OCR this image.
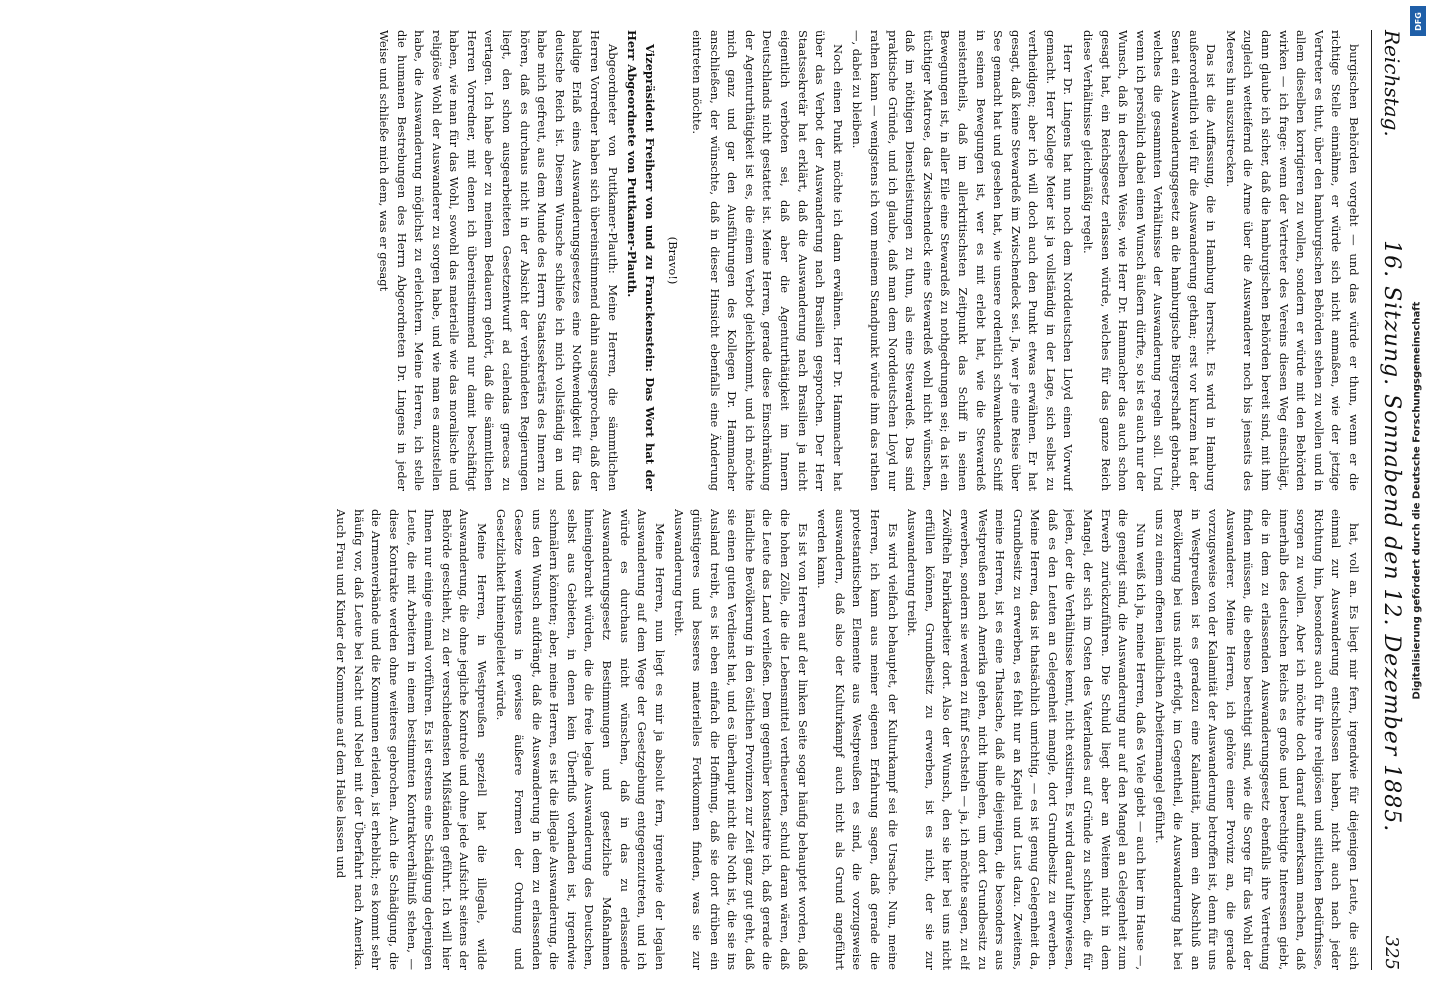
Reichstag.
16. Sitzung. Sonnabend den 12. Dezember 1885.
325

burgischen Behörden vorgeht — und das würde er thun, wenn er die richtige Stelle einnähme, er würde sich nicht anmaßen, wie der jetzige Vertreter es thut, über den hamburgischen Behörden stehen zu wollen und in allem dieselben korrigieren zu wollen, sondern er würde mit den Behörden wirken — ich frage: wenn der Vertreter des Vereins diesen Weg einschlägt, dann glaube ich sicher, daß die hamburgischen Behörden bereit sind, mit ihm zugleich wetteifernd die Arme über die Auswanderer noch bis jenseits des Meeres hin auszustrecken.

Das ist die Auffassung, die in Hamburg herrscht. Es wird in Hamburg außerordentlich viel für die Auswanderung gethan; erst vor kurzem hat der Senat ein Auswanderungsgesetz an die hamburgische Bürgerschaft gebracht, welches die gesammten Verhältnisse der Auswanderung regeln soll. Und wenn ich persönlich dabei einen Wunsch äußern dürfte, so ist es auch nur der Wunsch, daß in derselben Weise, wie Herr Dr. Hammacher das auch schon gesagt hat, ein Reichsgesetz erlassen würde, welches für das ganze Reich diese Verhältnisse gleichmäßig regelt.

Herr Dr. Lingens hat nun noch dem Norddeutschen Lloyd einen Vorwurf gemacht. Herr Kollege Meier ist ja vollständig in der Lage, sich selbst zu vertheidigen; aber ich will doch auch den Punkt etwas erwähnen. Er hat gesagt, daß keine Stewardeß im Zwischendeck sei. Ja, wer je eine Reise über See gemacht hat und gesehen hat, wie unsere ordentlich schwankende Schiff in seinen Bewegungen ist, wer es mit erlebt hat, wie die Stewardeß meistentheils, daß im allerkritischsten Zeitpunkt das Schiff in seinen Bewegungen ist, in aller Eile eine Stewardeß zu nothgedrungen sei; da ist ein tüchtiger Matrose, das Zwischendeck eine Stewardeß wohl nicht wünschen, daß im nöthigen Dienstleistungen zu thun, als eine Stewardeß. Das sind praktische Gründe, und ich glaube, daß man dem Norddeutschen Lloyd nur rathen kann — wenigstens ich vom meinem Standpunkt würde ihm das rathen —, dabei zu bleiben.

Noch einen Punkt möchte ich dann erwähnen. Herr Dr. Hammacher hat über das Verbot der Auswanderung nach Brasilien gesprochen. Der Herr Staatssekretär hat erklärt, daß die Auswanderung nach Brasilien ja nicht eigentlich verboten sei, daß aber die Agenturthätigkeit im Innern Deutschlands nicht gestattet ist. Meine Herren, gerade diese Einschränkung der Agenturthätigkeit ist es, die einem Verbot gleichkommt, und ich möchte mich ganz und gar den Ausführungen des Kollegen Dr. Hammacher anschließen, der wünschte, daß in dieser Hinsicht ebenfalls eine Änderung eintreten möchte.

(Bravo!)

Vizepräsident Freiherr von und zu Franckenstein: Das Wort hat der Herr Abgeordnete von Puttkamer-Plauth.

Abgeordneter von Puttkamer-Plauth: Meine Herren, die sämmtlichen Herren Vorredner haben sich übereinstimmend dahin ausgesprochen, daß der baldige Erlaß eines Auswanderungsgesetzes eine Nothwendigkeit für das deutsche Reich ist. Diesem Wunsche schließe ich mich vollständig an und habe mich gefreut, aus dem Munde des Herrn Staatssekretärs des Innern zu hören, daß es durchaus nicht in der Absicht der verbündeten Regierungen liegt, den schon ausgearbeiteten Gesetzentwurf ad calendas graecas zu vertagen. Ich habe aber zu meinem Bedauern gehört, daß die sämmtlichen Herren Vorredner, mit denen ich übereinstimmend nur damit beschäftigt haben, wie man für das Wohl, sowohl das materielle wie das moralische und religiöse Wohl der Auswanderer zu sorgen habe, und wie man es anzustellen habe, die Auswanderung möglichst zu erleichtern. Meine Herren, ich stelle die humanen Bestrebungen des Herrn Abgeordneten Dr. Lingens in jeder Weise und schließe mich dem, was er gesagt

hat, voll an. Es liegt mir fern, irgendwie für diejenigen Leute, die sich einmal zur Auswanderung entschlossen haben, nicht auch nach jeder Richtung hin, besonders auch für ihre religiösen und sittlichen Bedürfnisse, sorgen zu wollen. Aber ich möchte doch darauf aufmerksam machen, daß innerhalb des deutschen Reichs es große und berechtigte Interessen giebt, die in dem zu erlassenden Auswanderungsgesetz ebenfalls ihre Vertretung finden müssen, die ebenso berechtigt sind, wie die Sorge für das Wohl der Auswanderer. Meine Herren, ich gehöre einer Provinz an, die gerade vorzugsweise von der Kalamität der Auswanderung betroffen ist, denn für uns in Westpreußen ist es geradezu eine Kalamität, indem ein Abschluß an Bevölkerung bei uns nicht erfolgt, im Gegentheil, die Auswanderung hat bei uns zu einem offenen ländlichen Arbeitermangel geführt.

Nun weiß ich ja, meine Herren, daß es Viele giebt — auch hier im Hause —, die geneigt sind, die Auswanderung nur auf den Mangel an Gelegenheit zum Erwerb zurückzuführen. Die Schuld liegt aber an Weitem nicht in dem Mangel, der sich im Osten des Vaterlandes auf Gründe zu schieben, die für jeden, der die Verhältnisse kennt, nicht existiren. Es wird darauf hingewiesen, daß es den Leuten an Gelegenheit mangle, dort Grundbesitz zu erwerben. Meine Herren, das ist thatsächlich unrichtig, — es ist genug Gelegenheit da, Grundbesitz zu erwerben, es fehlt nur an Kapital und Lust dazu. Zweitens, meine Herren, ist es eine Thatsache, daß alle diejenigen, die besonders aus Westpreußen nach Amerika gehen, nicht hingehen, um dort Grundbesitz zu erwerben, sondern sie werden zu fünf Sechsteln — ja, ich möchte sagen, zu elf Zwölfteln Fabrikarbeiter dort. Also der Wunsch, den sie hier bei uns nicht erfüllen können, Grundbesitz zu erwerben, ist es nicht, der sie zur Auswanderung treibt.

Es wird vielfach behauptet, der Kulturkampf sei die Ursache. Nun, meine Herren, ich kann aus meiner eigenen Erfahrung sagen, daß gerade die protestantischen Elemente aus Westpreußen es sind, die vorzugsweise auswandern, daß also der Kulturkampf auch nicht als Grund angeführt werden kann.

Es ist von Herren auf der linken Seite sogar häufig behauptet worden, daß die hohen Zölle, die die Lebensmittel vertheuerten, schuld daran wären, daß die Leute das Land verließen. Dem gegenüber konstatire ich, daß gerade die ländliche Bevölkerung in den östlichen Provinzen zur Zeit ganz gut geht, daß sie einen guten Verdienst hat, und es überhaupt nicht die Noth ist, die sie ins Ausland treibt, es ist eben einfach die Hoffnung, daß sie dort drüben ein günstigeres und besseres materielles Fortkommen finden, was sie zur Auswanderung treibt.

Meine Herren, nun liegt es mir ja absolut fern, irgendwie der legalen Auswanderung auf dem Wege der Gesetzgebung entgegenzutreten, und ich würde es durchaus nicht wünschen, daß in das zu erlassende Auswanderungsgesetz Bestimmungen und gesetzliche Maßnahmen hineingebracht würden, die die freie legale Auswanderung des Deutschen, selbst aus Gebieten, in denen kein Überfluß vorhanden ist, irgendwie schmälern könnten; aber, meine Herren, es ist die illegale Auswanderung, die uns den Wunsch aufdrängt, daß die Auswanderung in dem zu erlassenden Gesetze wenigstens in gewisse äußere Formen der Ordnung und Gesetzlichkeit hineingeleitet würde.

Meine Herren, in Westpreußen speziell hat die illegale, wilde Auswanderung, die ohne jegliche Kontrole und ohne jede Aufsicht seitens der Behörde geschieht, zu der verschiedensten Mißständen geführt. Ich will hier Ihnen nur einige einmal vorführen. Es ist erstens eine Schädigung derjenigen Leute, die mit Arbeitern in einem bestimmten Kontraktverhältniß stehen, — diese Kontrakte werden ohne weiteres gebrochen. Auch die Schädigung, die die Armenverbände und die Kommunen erleiden, ist erheblich; es kommt sehr häufig vor, daß Leute bei Nacht und Nebel mit der Überfahrt nach Amerika. Auch Frau und Kinder der Kommune auf dem Halse lassen und	Digitalisierung gefördert durch die Deutsche Forschungsgemeinschaft
DFG
